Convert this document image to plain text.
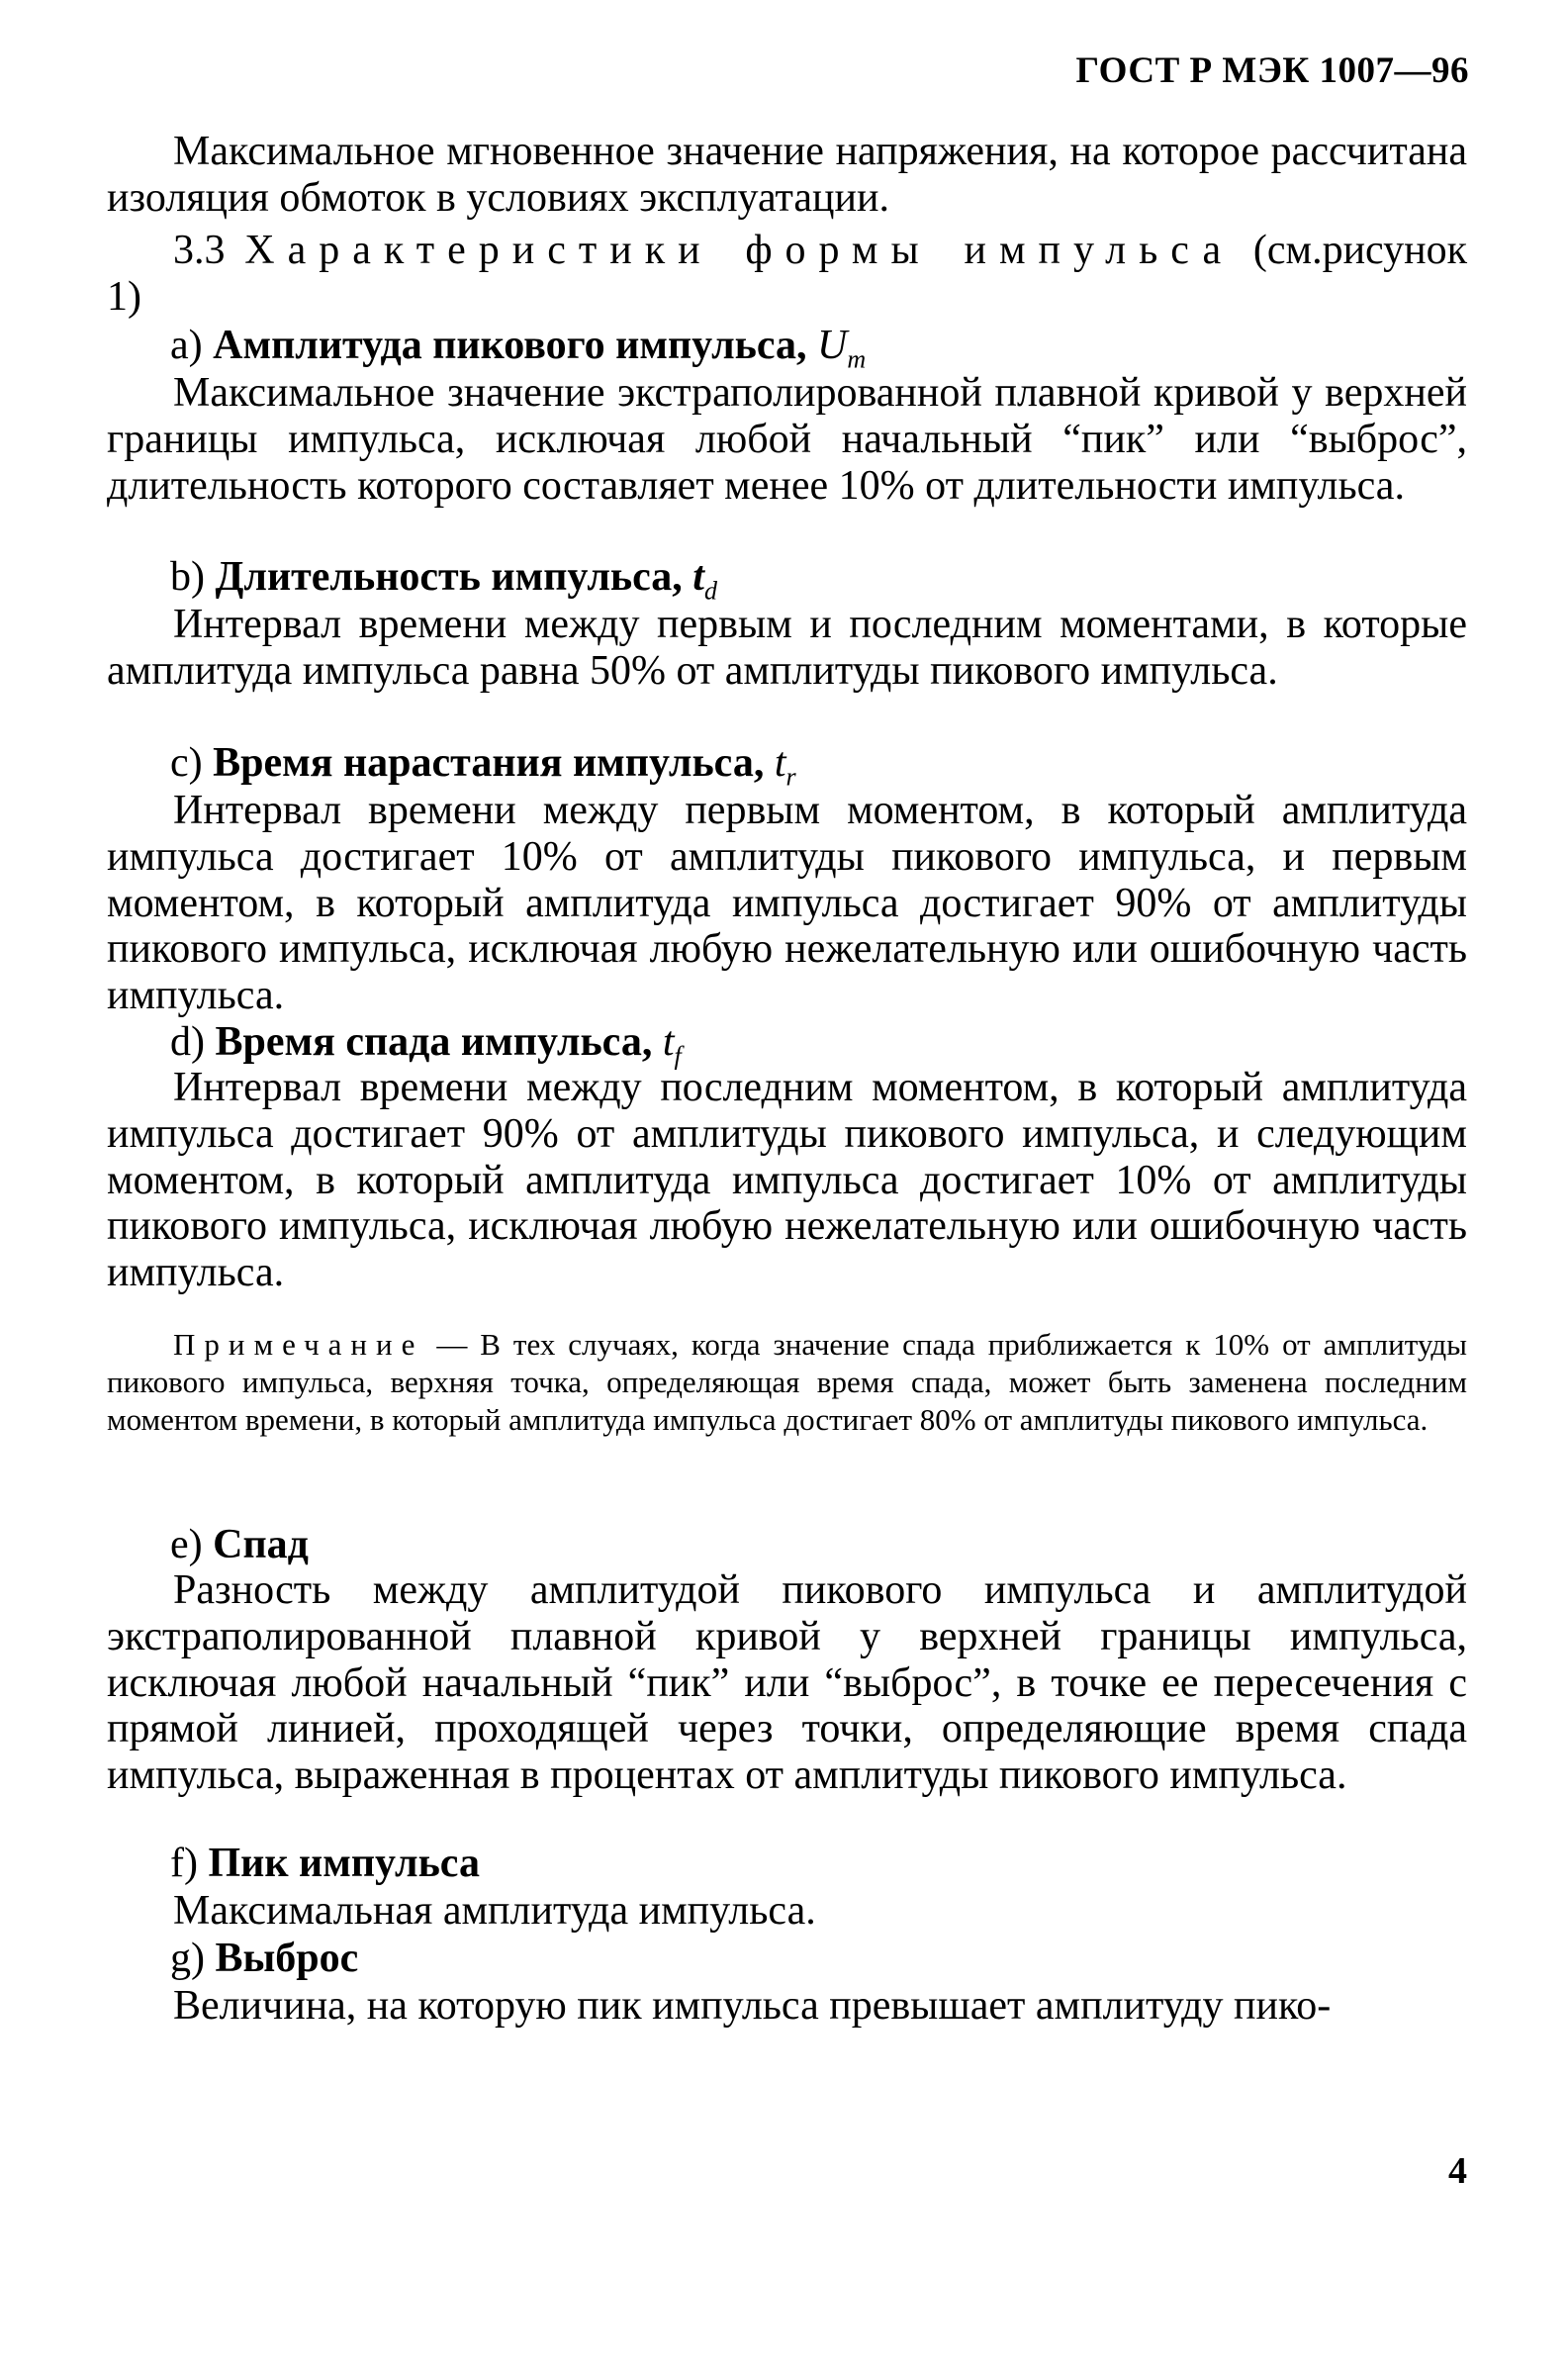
ГОСТ Р МЭК 1007—96
Максимальное мгновенное значение напряжения, на которое рассчитана изоляция обмоток в условиях эксплуатации.
3.3 Характеристики формы импульса (см.рисунок 1)
a) Амплитуда пикового импульса, $U_m$
Максимальное значение экстраполированной плавной кривой у верхней границы импульса, исключая любой начальный “пик” или “выброс”, длительность которого составляет менее 10% от длительности импульса.
b) Длительность импульса, $t_d$
Интервал времени между первым и последним моментами, в которые амплитуда импульса равна 50% от амплитуды пикового импульса.
c) Время нарастания импульса, $t_r$
Интервал времени между первым моментом, в который амплитуда импульса достигает 10% от амплитуды пикового импульса, и первым моментом, в который амплитуда импульса достигает 90% от амплитуды пикового импульса, исключая любую нежелательную или ошибочную часть импульса.
d) Время спада импульса, $t_f$
Интервал времени между последним моментом, в который амплитуда импульса достигает 90% от амплитуды пикового импульса, и следующим моментом, в который амплитуда импульса достигает 10% от амплитуды пикового импульса, исключая любую нежелательную или ошибочную часть импульса.
Примечание — В тех случаях, когда значение спада приближается к 10% от амплитуды пикового импульса, верхняя точка, определяющая время спада, может быть заменена последним моментом времени, в который амплитуда импульса достигает 80% от амплитуды пикового импульса.
e) Спад
Разность между амплитудой пикового импульса и амплитудой экстраполированной плавной кривой у верхней границы импульса, исключая любой начальный “пик” или “выброс”, в точке ее пересечения с прямой линией, проходящей через точки, определяющие время спада импульса, выраженная в процентах от амплитуды пикового импульса.
f) Пик импульса
Максимальная амплитуда импульса.
g) Выброс
Величина, на которую пик импульса превышает амплитуду пико-
4
